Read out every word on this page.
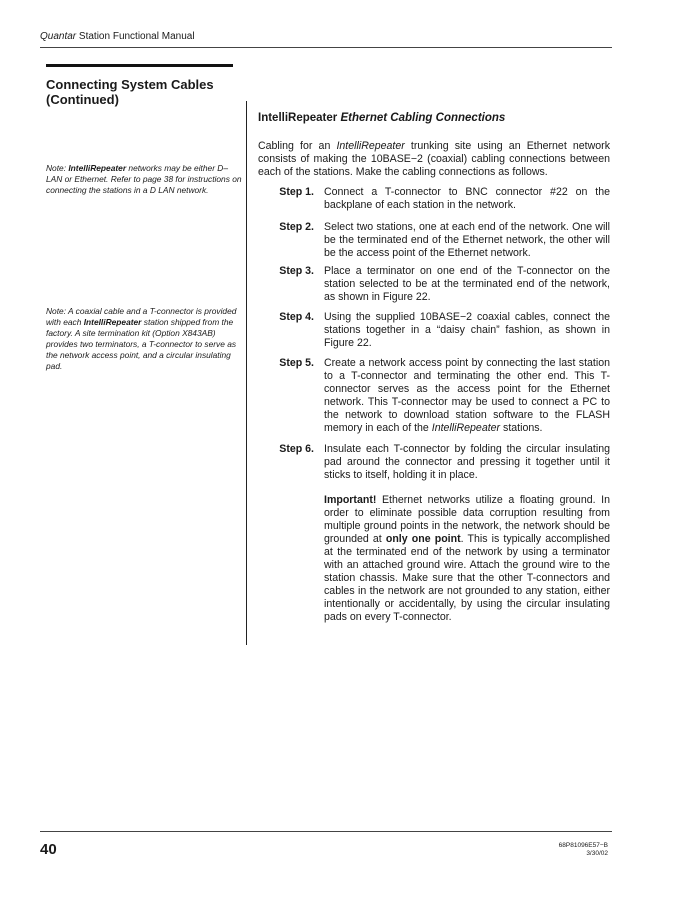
Quantar Station Functional Manual
Connecting System Cables
(Continued)
Note: IntelliRepeater networks may be either D–LAN or Ethernet. Refer to page 38 for instructions on connecting the stations in a D LAN network.
Note: A coaxial cable and a T-connector is provided with each IntelliRepeater station shipped from the factory. A site termination kit (Option X843AB) provides two terminators, a T-connector to serve as the network access point, and a circular insulating pad.
IntelliRepeater Ethernet Cabling Connections
Cabling for an IntelliRepeater trunking site using an Ethernet network consists of making the 10BASE−2 (coaxial) cabling connections between each of the stations. Make the cabling connections as follows.
Step 1. Connect a T-connector to BNC connector #22 on the backplane of each station in the network.
Step 2. Select two stations, one at each end of the network. One will be the terminated end of the Ethernet network, the other will be the access point of the Ethernet network.
Step 3. Place a terminator on one end of the T-connector on the station selected to be at the terminated end of the network, as shown in Figure 22.
Step 4. Using the supplied 10BASE−2 coaxial cables, connect the stations together in a “daisy chain” fashion, as shown in Figure 22.
Step 5. Create a network access point by connecting the last station to a T-connector and terminating the other end. This T-connector serves as the access point for the Ethernet network. This T-connector may be used to connect a PC to the network to download station software to the FLASH memory in each of the IntelliRepeater stations.
Step 6. Insulate each T-connector by folding the circular insulating pad around the connector and pressing it together until it sticks to itself, holding it in place.
Important! Ethernet networks utilize a floating ground. In order to eliminate possible data corruption resulting from multiple ground points in the network, the network should be grounded at only one point. This is typically accomplished at the terminated end of the network by using a terminator with an attached ground wire. Attach the ground wire to the station chassis. Make sure that the other T-connectors and cables in the network are not grounded to any station, either intentionally or accidentally, by using the circular insulating pads on every T-connector.
40	68P81096E57−B
3/30/02
